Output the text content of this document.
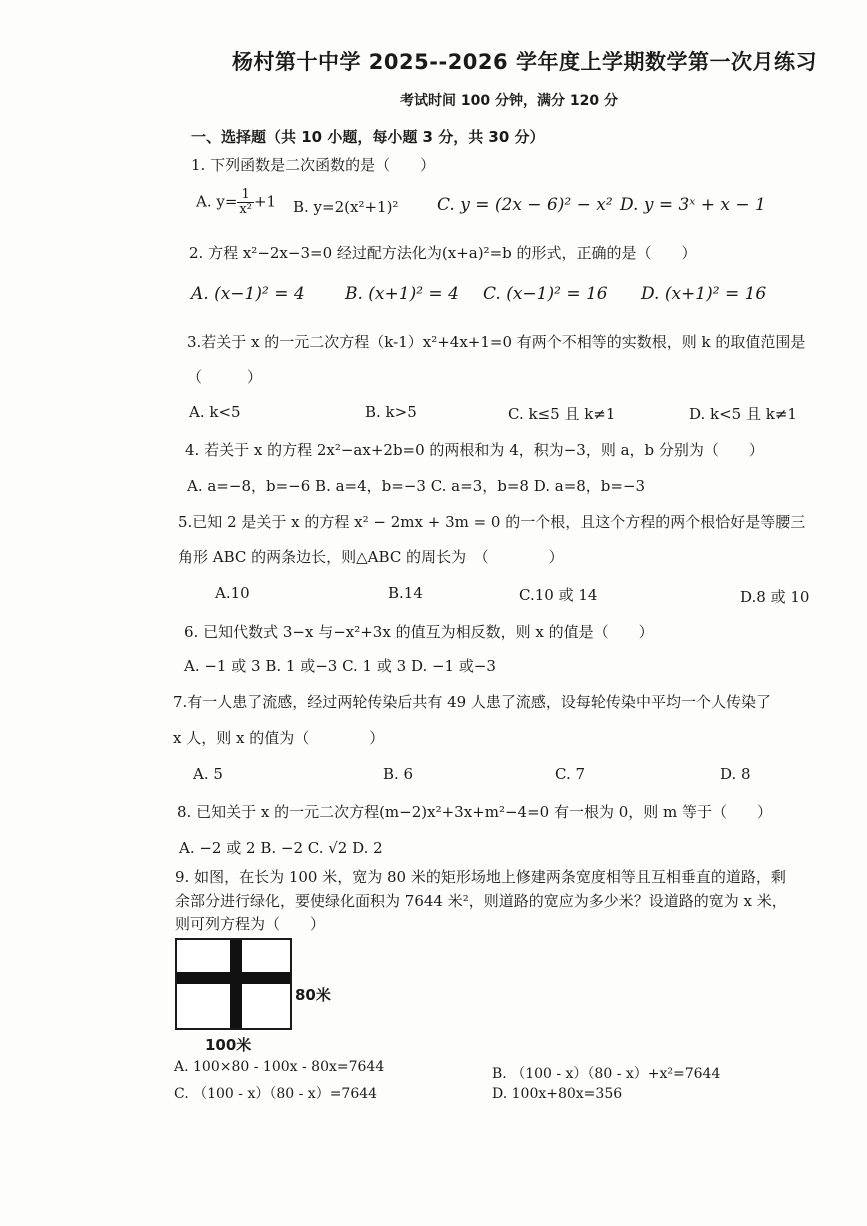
杨村第十中学 2025--2026 学年度上学期数学第一次月练习
考试时间 100 分钟，满分 120 分
一、选择题（共 10 小题，每小题 3 分，共 30 分）
1. 下列函数是二次函数的是（　　）
A. $y= \frac{1}{\text{x²}} +1$ B. y=2(x²+1)² C. y = (2x − 6)² − x² D. y = 3ˣ + x − 1
2. 方程 x²−2x−3=0 经过配方法化为(x+a)²=b 的形式，正确的是（　　）
A. (x−1)² = 4 B. (x+1)² = 4 C. (x−1)² = 16 D. (x+1)² = 16
3.若关于 x 的一元二次方程（k-1）x²+4x+1=0 有两个不相等的实数根，则 k 的取值范围是
（　　　）
A. k<5	B. k>5	C. k≤5 且 k≠1	D. k<5 且 k≠1
4. 若关于 x 的方程 2x²−ax+2b=0 的两根和为 4，积为−3，则 a，b 分别为（　　）
A. a=−8，b=−6 B. a=4，b=−3 C. a=3，b=8 D. a=8，b=−3
5.已知 2 是关于 x 的方程 x² − 2mx + 3m = 0 的一个根，且这个方程的两个根恰好是等腰三
角形 ABC 的两条边长，则△ABC 的周长为　（　　　　）
A.10	B.14	C.10 或 14	D.8 或 10
6. 已知代数式 3−x 与−x²+3x 的值互为相反数，则 x 的值是（　　）
A. −1 或 3 B. 1 或−3 C. 1 或 3 D. −1 或−3
7.有一人患了流感，经过两轮传染后共有 49 人患了流感，设每轮传染中平均一个人传染了
x 人，则 x 的值为（　　　　）
A. 5	B. 6	C. 7	D. 8
8. 已知关于 x 的一元二次方程(m−2)x²+3x+m²−4=0 有一根为 0，则 m 等于（　　）
A. −2 或 2 B. −2 C. √2 D. 2
9. 如图，在长为 100 米，宽为 80 米的矩形场地上修建两条宽度相等且互相垂直的道路，剩
余部分进行绿化，要使绿化面积为 7644 米²，则道路的宽应为多少米？设道路的宽为 x 米，
则可列方程为（　　）
80米
100米
A. 100×80 - 100x - 80x=7644	B. （100 - x）（80 - x）+x²=7644
C. （100 - x）（80 - x）=7644	D. 100x+80x=356
